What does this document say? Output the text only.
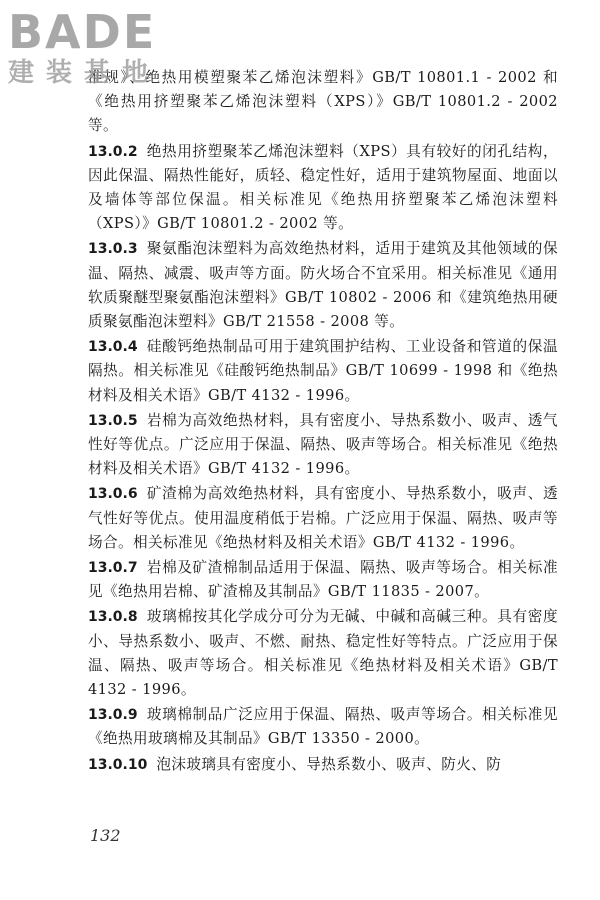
BADE
建装基地

准规》、绝热用模塑聚苯乙烯泡沫塑料》GB/T 10801.1 - 2002 和《绝热用挤塑聚苯乙烯泡沫塑料（XPS）》GB/T 10801.2 - 2002 等。

13.0.2 绝热用挤塑聚苯乙烯泡沫塑料（XPS）具有较好的闭孔结构，因此保温、隔热性能好，质轻、稳定性好，适用于建筑物屋面、地面以及墙体等部位保温。相关标准见《绝热用挤塑聚苯乙烯泡沫塑料（XPS）》GB/T 10801.2 - 2002 等。

13.0.3 聚氨酯泡沫塑料为高效绝热材料，适用于建筑及其他领域的保温、隔热、减震、吸声等方面。防火场合不宜采用。相关标准见《通用软质聚醚型聚氨酯泡沫塑料》GB/T 10802 - 2006 和《建筑绝热用硬质聚氨酯泡沫塑料》GB/T 21558 - 2008 等。

13.0.4 硅酸钙绝热制品可用于建筑围护结构、工业设备和管道的保温隔热。相关标准见《硅酸钙绝热制品》GB/T 10699 - 1998 和《绝热材料及相关术语》GB/T 4132 - 1996。

13.0.5 岩棉为高效绝热材料，具有密度小、导热系数小、吸声、透气性好等优点。广泛应用于保温、隔热、吸声等场合。相关标准见《绝热材料及相关术语》GB/T 4132 - 1996。

13.0.6 矿渣棉为高效绝热材料，具有密度小、导热系数小，吸声、透气性好等优点。使用温度稍低于岩棉。广泛应用于保温、隔热、吸声等场合。相关标准见《绝热材料及相关术语》GB/T 4132 - 1996。

13.0.7 岩棉及矿渣棉制品适用于保温、隔热、吸声等场合。相关标准见《绝热用岩棉、矿渣棉及其制品》GB/T 11835 - 2007。

13.0.8 玻璃棉按其化学成分可分为无碱、中碱和高碱三种。具有密度小、导热系数小、吸声、不燃、耐热、稳定性好等特点。广泛应用于保温、隔热、吸声等场合。相关标准见《绝热材料及相关术语》GB/T 4132 - 1996。

13.0.9 玻璃棉制品广泛应用于保温、隔热、吸声等场合。相关标准见《绝热用玻璃棉及其制品》GB/T 13350 - 2000。

13.0.10 泡沫玻璃具有密度小、导热系数小、吸声、防火、防

132
